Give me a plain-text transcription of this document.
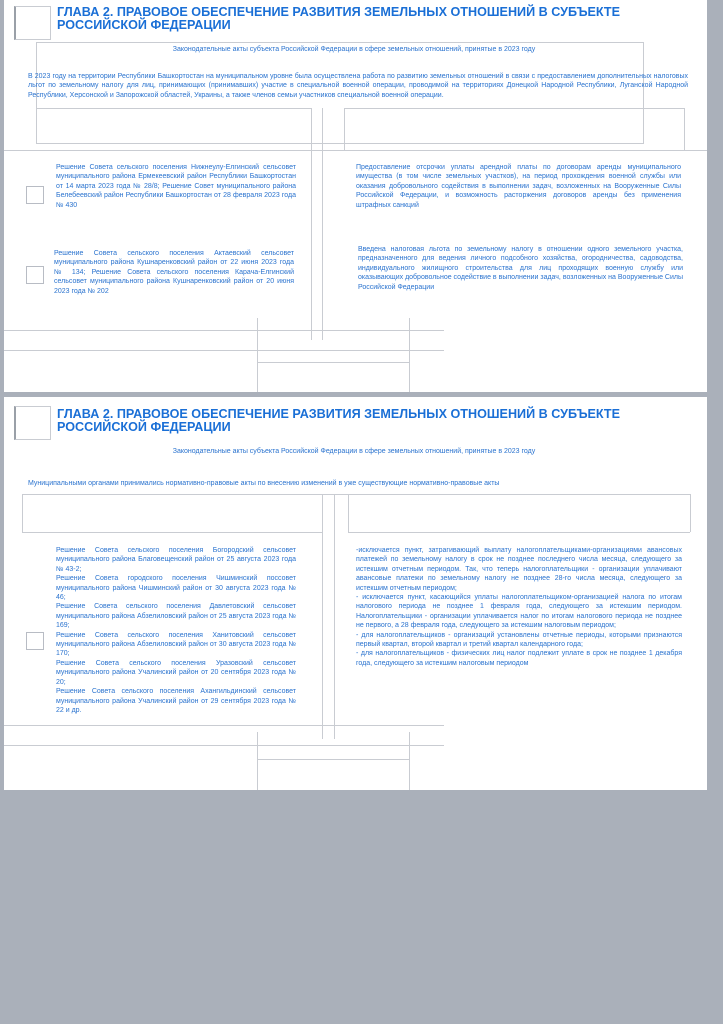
ГЛАВА 2. ПРАВОВОЕ ОБЕСПЕЧЕНИЕ РАЗВИТИЯ ЗЕМЕЛЬНЫХ ОТНОШЕНИЙ В СУБЪЕКТЕ РОССИЙСКОЙ ФЕДЕРАЦИИ
Законодательные акты субъекта Российской Федерации в сфере земельных отношений, принятые в 2023 году
В 2023 году на территории Республики Башкортостан на муниципальном уровне была осуществлена работа по развитию земельных отношений в связи с предоставлением дополнительных налоговых льгот по земельному налогу для лиц, принимающих (принимавших) участие в специальной военной операции, проводимой на территориях Донецкой Народной Республики, Луганской Народной Республики, Херсонской и Запорожской областей, Украины, а также членов семьи участников специальной военной операции.
Решение Совета сельского поселения Нижнеулу-Елгинский сельсовет муниципального района Ермекеевский район Республики Башкортостан от 14 марта 2023 года № 28/8; Решение Совет муниципального района Белебеевский район Республики Башкортостан от 28 февраля 2023 года № 430
Предоставление отсрочки уплаты арендной платы по договорам аренды муниципального имущества (в том числе земельных участков), на период прохождения военной службы или оказания добровольного содействия в выполнении задач, возложенных на Вооруженные Силы Российской Федерации, и возможность расторжения договоров аренды без применения штрафных санкций
Решение Совета сельского поселения Актаевский сельсовет муниципального района Кушнаренковский район от 22 июня 2023 года № 134; Решение Совета сельского поселения Карача-Елгинский сельсовет муниципального района Кушнаренковский район от 20 июня 2023 года № 202
Введена налоговая льгота по земельному налогу в отношении одного земельного участка, предназначенного для ведения личного подсобного хозяйства, огородничества, садоводства, индивидуального жилищного строительства для лиц проходящих военную службу или оказывающих добровольное содействие в выполнении задач, возложенных на Вооруженные Силы Российской Федерации
ГЛАВА 2. ПРАВОВОЕ ОБЕСПЕЧЕНИЕ РАЗВИТИЯ ЗЕМЕЛЬНЫХ ОТНОШЕНИЙ В СУБЪЕКТЕ РОССИЙСКОЙ ФЕДЕРАЦИИ
Законодательные акты субъекта Российской Федерации в сфере земельных отношений, принятые в 2023 году
Муниципальными органами принимались нормативно-правовые акты по внесению изменений в уже существующие нормативно-правовые акты
Решение Совета сельского поселения Богородский сельсовет муниципального района Благовещенский район от 25 августа 2023 года № 43-2;
Решение Совета городского поселения Чишминский поссовет муниципального района Чишминский район от 30 августа 2023 года № 46;
Решение Совета сельского поселения Давлетовский сельсовет муниципального района Абзелиловский район от 25 августа 2023 года № 169;
Решение Совета сельского поселения Ханитовский сельсовет муниципального района Абзелиловский район от 30 августа 2023 года № 170;
Решение Совета сельского поселения Уразовский сельсовет муниципального района Учалинский район от 20 сентября 2023 года № 20;
Решение Совета сельского поселения Ахангильдинский сельсовет муниципального района Учалинский район от 29 сентября 2023 года № 22 и др.
-исключается пункт, затрагивающий выплату налогоплательщиками-организациями авансовых платежей по земельному налогу в срок не позднее последнего числа месяца, следующего за истекшим отчетным периодом. Так, что теперь налогоплательщики - организации уплачивают авансовые платежи по земельному налогу не позднее 28-го числа месяца, следующего за истекшим отчетным периодом;
- исключается пункт, касающийся уплаты налогоплательщиком-организацией налога по итогам налогового периода не позднее 1 февраля года, следующего за истекшим периодом. Налогоплательщики - организации уплачивается налог по итогам налогового периода не позднее не первого, а 28 февраля года, следующего за истекшим налоговым периодом;
- для налогоплательщиков - организаций установлены отчетные периоды, которыми признаются первый квартал, второй квартал и третий квартал календарного года;
- для налогоплательщиков - физических лиц налог подлежит уплате в срок не позднее 1 декабря года, следующего за истекшим налоговым периодом
